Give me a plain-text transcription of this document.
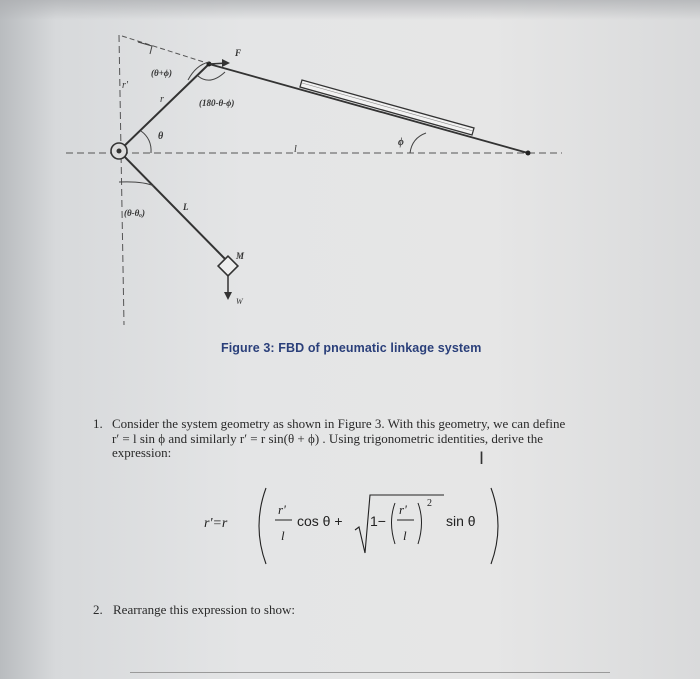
(θ+ϕ)
r'
r
F
(180-θ-ϕ)
θ
l
ϕ
(θ-θₒ)
L
M
W
Figure 3: FBD of pneumatic linkage system
1. Consider the system geometry as shown in Figure 3. With this geometry, we can define
r′ = l sin ϕ and similarly r′ = r sin(θ + ϕ) . Using trigonometric identities, derive the
expression:	I
r'=r
r'
l
cos θ + 1−
r'
l
2
sin θ
2. Rearrange this expression to show:
